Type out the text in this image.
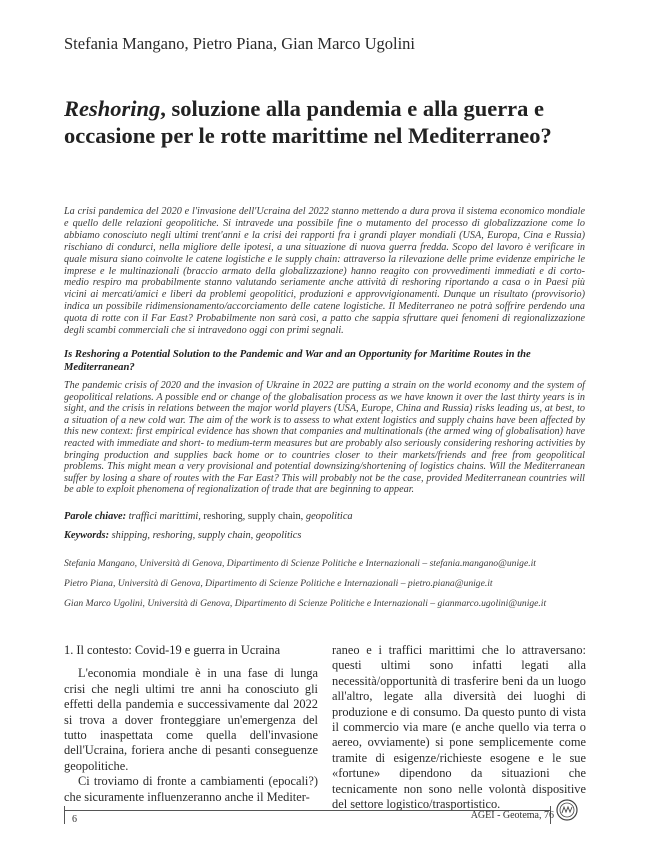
Stefania Mangano, Pietro Piana, Gian Marco Ugolini
Reshoring, soluzione alla pandemia e alla guerra e occasione per le rotte marittime nel Mediterraneo?
La crisi pandemica del 2020 e l'invasione dell'Ucraina del 2022 stanno mettendo a dura prova il sistema economico mondiale e quello delle relazioni geopolitiche. Si intravede una possibile fine o mutamento del processo di globalizzazione come lo abbiamo conosciuto negli ultimi trent'anni e la crisi dei rapporti fra i grandi player mondiali (USA, Europa, Cina e Russia) rischiano di condurci, nella migliore delle ipotesi, a una situazione di nuova guerra fredda. Scopo del lavoro è verificare in quale misura siano coinvolte le catene logistiche e le supply chain: attraverso la rilevazione delle prime evidenze empiriche le imprese e le multinazionali (braccio armato della globalizzazione) hanno reagito con provvedimenti immediati e di corto-medio respiro ma probabilmente stanno valutando seriamente anche attività di reshoring riportando a casa o in Paesi più vicini ai mercati/amici e liberi da problemi geopolitici, produzioni e approvvigionamenti. Dunque un risultato (provvisorio) indica un possibile ridimensionamento/accorciamento delle catene logistiche. Il Mediterraneo ne potrà soffrire perdendo una quota di rotte con il Far East? Probabilmente non sarà così, a patto che sappia sfruttare quei fenomeni di regionalizzazione degli scambi commerciali che si intravedono oggi con primi segnali.
Is Reshoring a Potential Solution to the Pandemic and War and an Opportunity for Maritime Routes in the Mediterranean?
The pandemic crisis of 2020 and the invasion of Ukraine in 2022 are putting a strain on the world economy and the system of geopolitical relations. A possible end or change of the globalisation process as we have known it over the last thirty years is in sight, and the crisis in relations between the major world players (USA, Europe, China and Russia) risks leading us, at best, to a situation of a new cold war. The aim of the work is to assess to what extent logistics and supply chains have been affected by this new context: first empirical evidence has shown that companies and multinationals (the armed wing of globalisation) have reacted with immediate and short- to medium-term measures but are probably also seriously considering reshoring activities by bringing production and supplies back home or to countries closer to their markets/friends and free from geopolitical problems. This might mean a very provisional and potential downsizing/shortening of logistics chains. Will the Mediterranean suffer by losing a share of routes with the Far East? This will probably not be the case, provided Mediterranean countries will be able to exploit phenomena of regionalization of trade that are beginning to appear.
Parole chiave: traffici marittimi, reshoring, supply chain, geopolitica
Keywords: shipping, reshoring, supply chain, geopolitics
Stefania Mangano, Università di Genova, Dipartimento di Scienze Politiche e Internazionali – stefania.mangano@unige.it
Pietro Piana, Università di Genova, Dipartimento di Scienze Politiche e Internazionali – pietro.piana@unige.it
Gian Marco Ugolini, Università di Genova, Dipartimento di Scienze Politiche e Internazionali – gianmarco.ugolini@unige.it
1. Il contesto: Covid-19 e guerra in Ucraina

L'economia mondiale è in una fase di lunga crisi che negli ultimi tre anni ha conosciuto gli effetti della pandemia e successivamente dal 2022 si trova a dover fronteggiare un'emergenza del tutto inaspettata come quella dell'invasione dell'Ucraina, foriera anche di pesanti conseguenze geopolitiche.

Ci troviamo di fronte a cambiamenti (epocali?) che sicuramente influenzeranno anche il Mediter-

raneo e i traffici marittimi che lo attraversano: questi ultimi sono infatti legati alla necessità/opportunità di trasferire beni da un luogo all'altro, legate alla diversità dei luoghi di produzione e di consumo. Da questo punto di vista il commercio via mare (e anche quello via terra o aereo, ovviamente) si pone semplicemente come tramite di esigenze/richieste esogene e le sue «fortune» dipendono da situazioni che tecnicamente non sono nelle volontà dispositive del settore logistico/trasportistico.

6	AGEI - Geotema, 76
